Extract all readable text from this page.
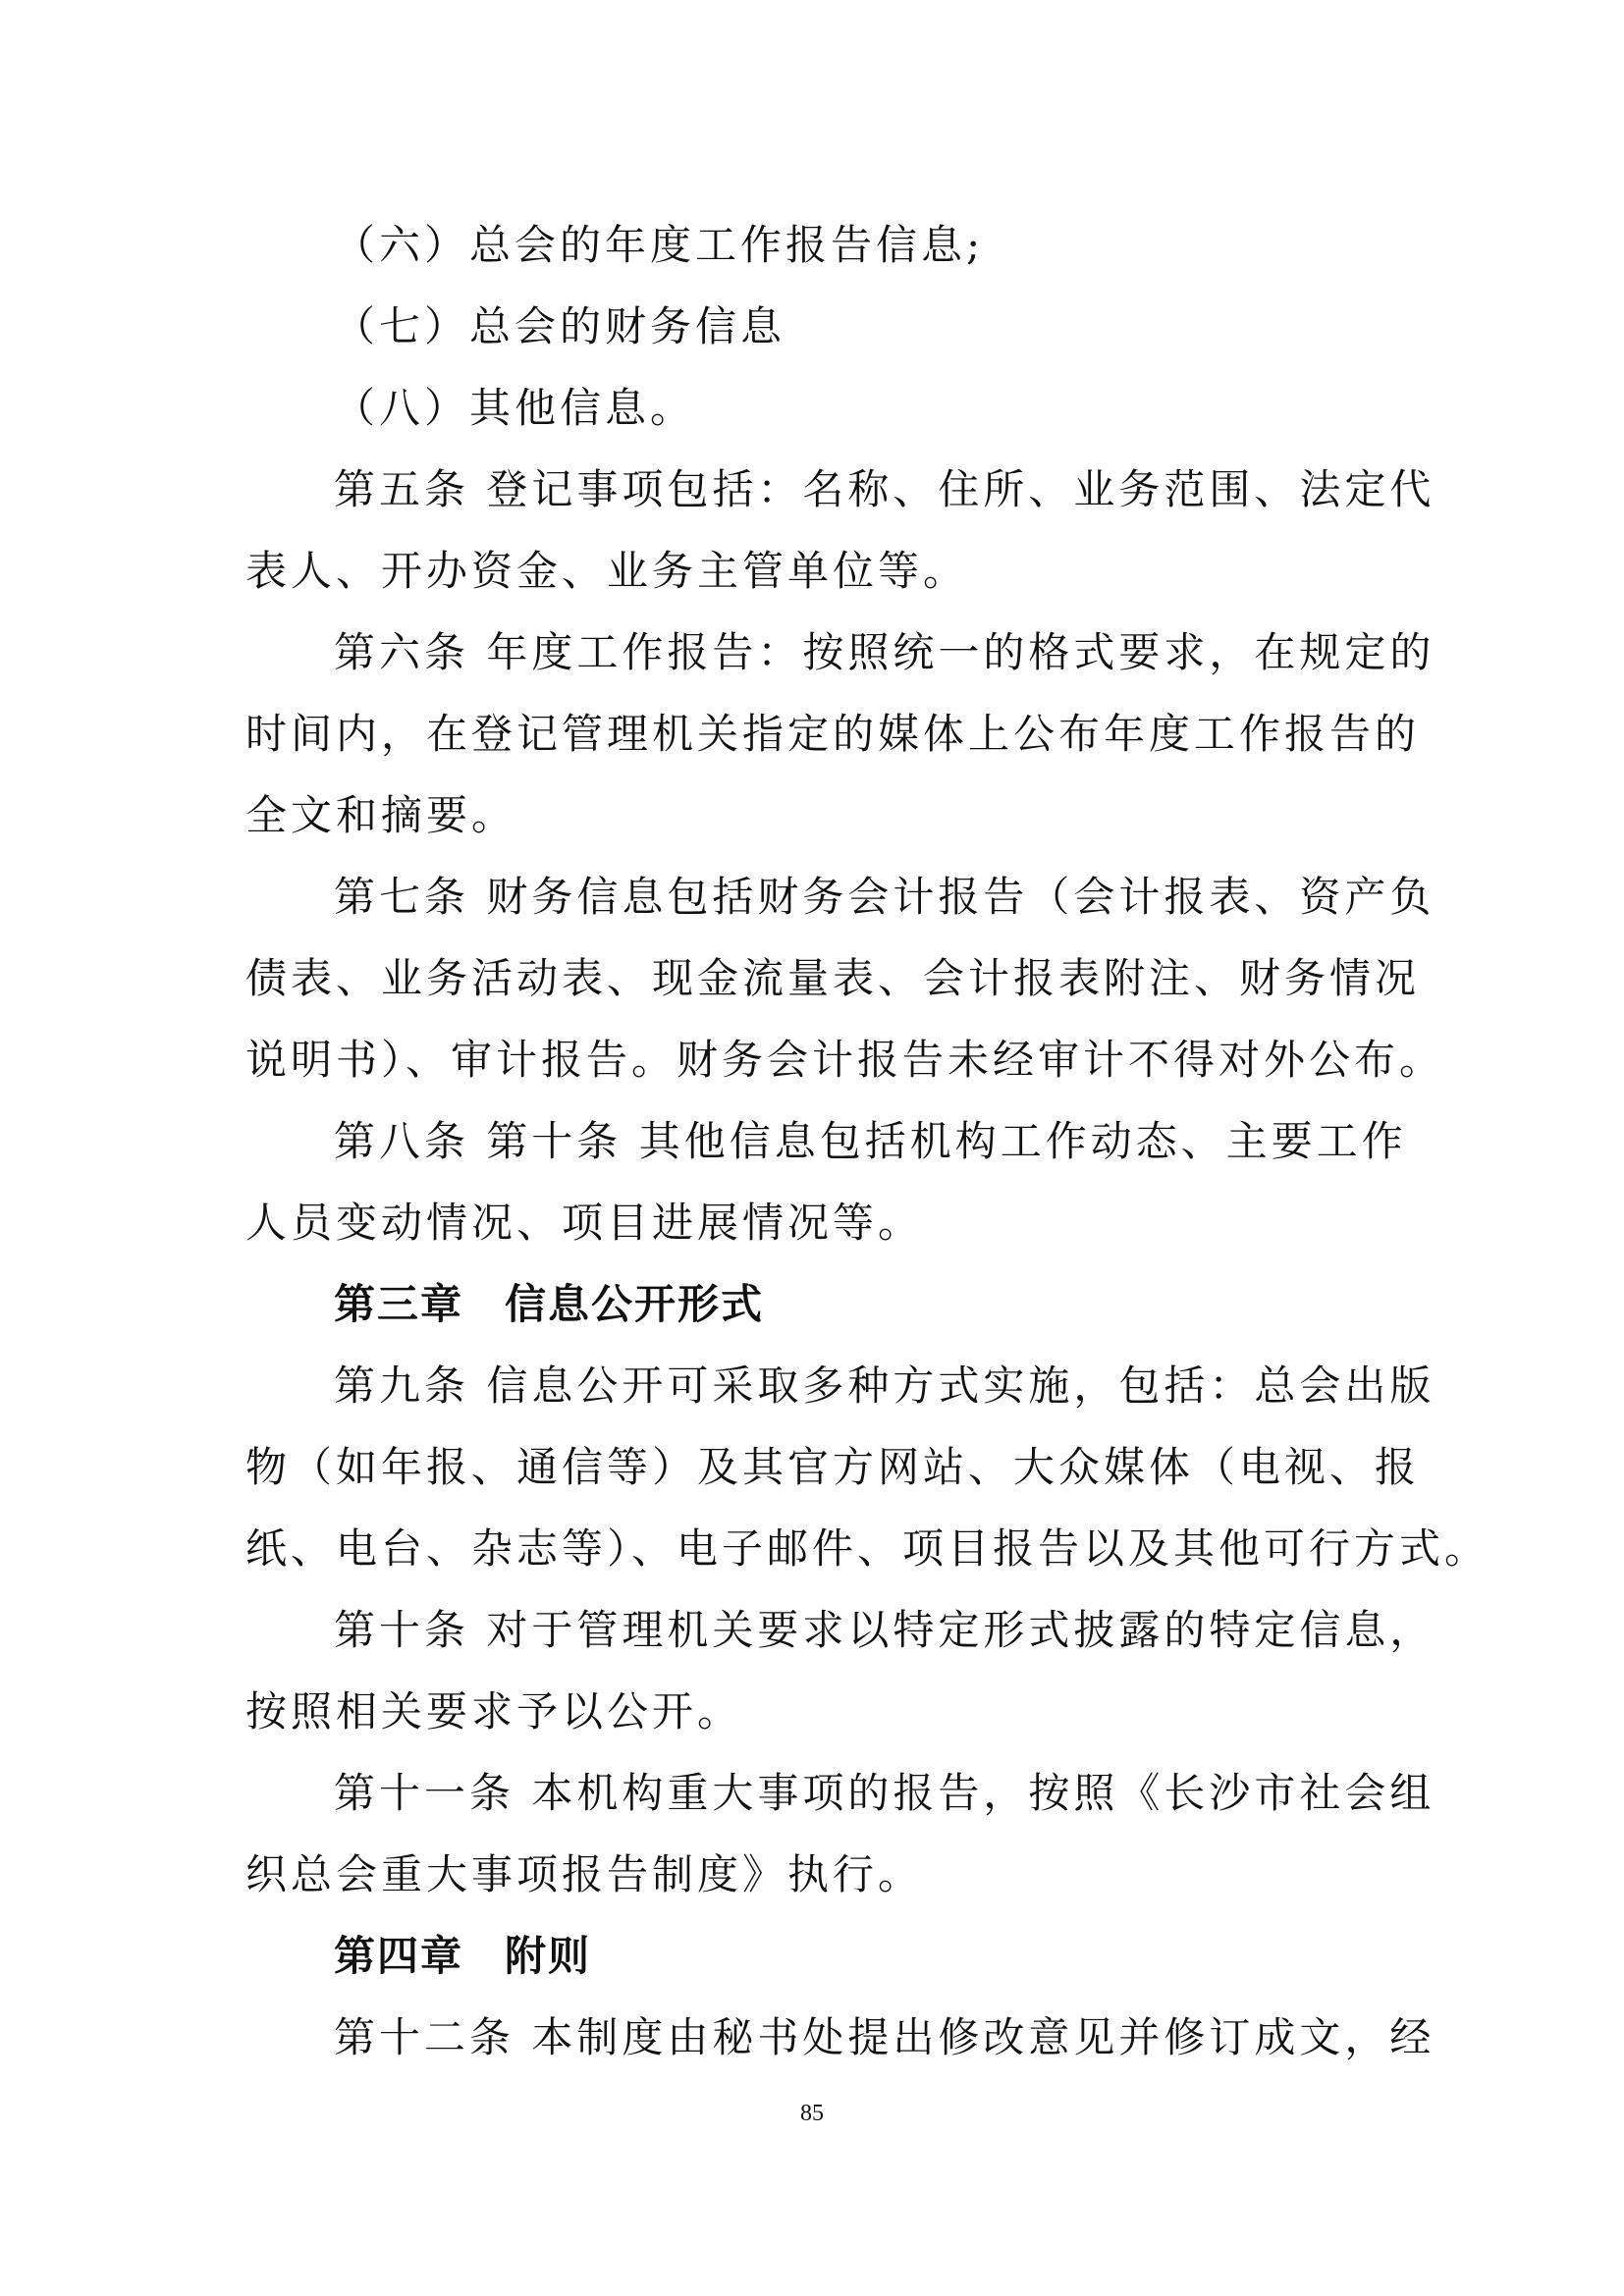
（六）总会的年度工作报告信息;
（七）总会的财务信息
（八）其他信息。
第五条 登记事项包括：名称、住所、业务范围、法定代
表人、开办资金、业务主管单位等。
第六条 年度工作报告：按照统一的格式要求，在规定的
时间内，在登记管理机关指定的媒体上公布年度工作报告的
全文和摘要。
第七条 财务信息包括财务会计报告（会计报表、资产负
债表、业务活动表、现金流量表、会计报表附注、财务情况
说明书）、审计报告。财务会计报告未经审计不得对外公布。
第八条 第十条 其他信息包括机构工作动态、主要工作
人员变动情况、项目进展情况等。
第三章 信息公开形式
第九条 信息公开可采取多种方式实施，包括：总会出版
物（如年报、通信等）及其官方网站、大众媒体（电视、报
纸、电台、杂志等）、电子邮件、项目报告以及其他可行方式。
第十条 对于管理机关要求以特定形式披露的特定信息，
按照相关要求予以公开。
第十一条 本机构重大事项的报告，按照《长沙市社会组
织总会重大事项报告制度》执行。
第四章 附则
第十二条 本制度由秘书处提出修改意见并修订成文，经
85
